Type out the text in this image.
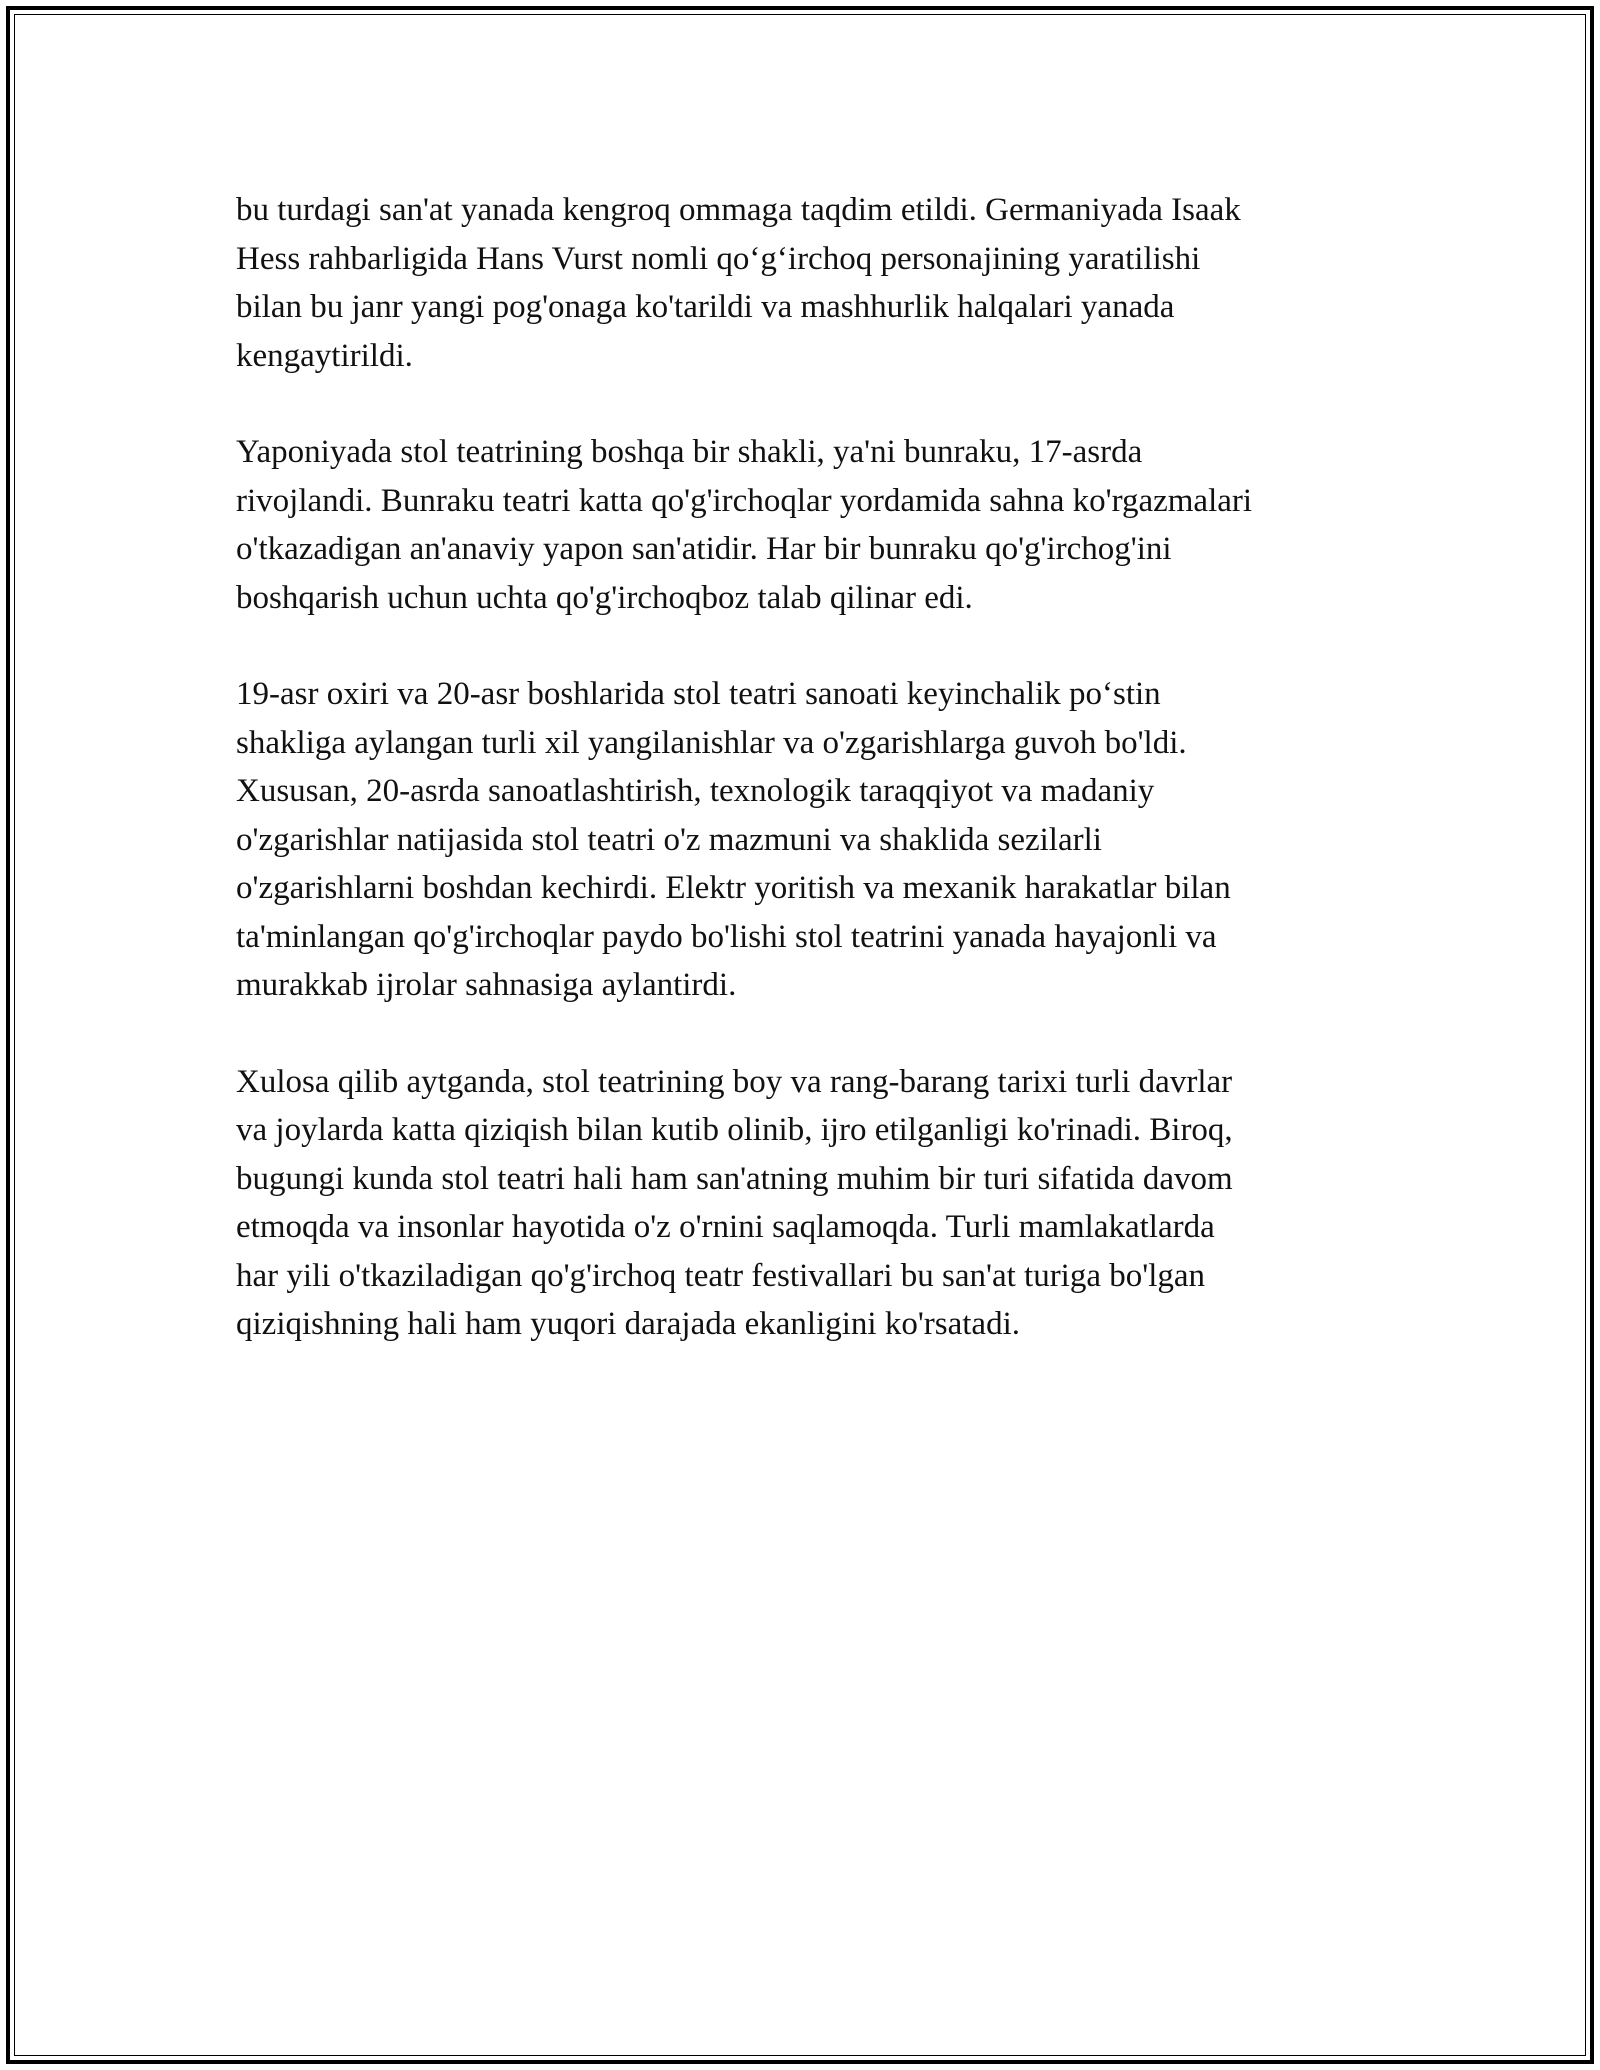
bu turdagi san'at yanada kengroq ommaga taqdim etildi. Germaniyada Isaak
Hess rahbarligida Hans Vurst nomli qo‘g‘irchoq personajining yaratilishi
bilan bu janr yangi pog'onaga ko'tarildi va mashhurlik halqalari yanada
kengaytirildi.

Yaponiyada stol teatrining boshqa bir shakli, ya'ni bunraku, 17-asrda
rivojlandi. Bunraku teatri katta qo'g'irchoqlar yordamida sahna ko'rgazmalari
o'tkazadigan an'anaviy yapon san'atidir. Har bir bunraku qo'g'irchog'ini
boshqarish uchun uchta qo'g'irchoqboz talab qilinar edi.

19-asr oxiri va 20-asr boshlarida stol teatri sanoati keyinchalik po‘stin
shakliga aylangan turli xil yangilanishlar va o'zgarishlarga guvoh bo'ldi.
Xususan, 20-asrda sanoatlashtirish, texnologik taraqqiyot va madaniy
o'zgarishlar natijasida stol teatri o'z mazmuni va shaklida sezilarli
o'zgarishlarni boshdan kechirdi. Elektr yoritish va mexanik harakatlar bilan
ta'minlangan qo'g'irchoqlar paydo bo'lishi stol teatrini yanada hayajonli va
murakkab ijrolar sahnasiga aylantirdi.

Xulosa qilib aytganda, stol teatrining boy va rang-barang tarixi turli davrlar
va joylarda katta qiziqish bilan kutib olinib, ijro etilganligi ko'rinadi. Biroq,
bugungi kunda stol teatri hali ham san'atning muhim bir turi sifatida davom
etmoqda va insonlar hayotida o'z o'rnini saqlamoqda. Turli mamlakatlarda
har yili o'tkaziladigan qo'g'irchoq teatr festivallari bu san'at turiga bo'lgan
qiziqishning hali ham yuqori darajada ekanligini ko'rsatadi.
